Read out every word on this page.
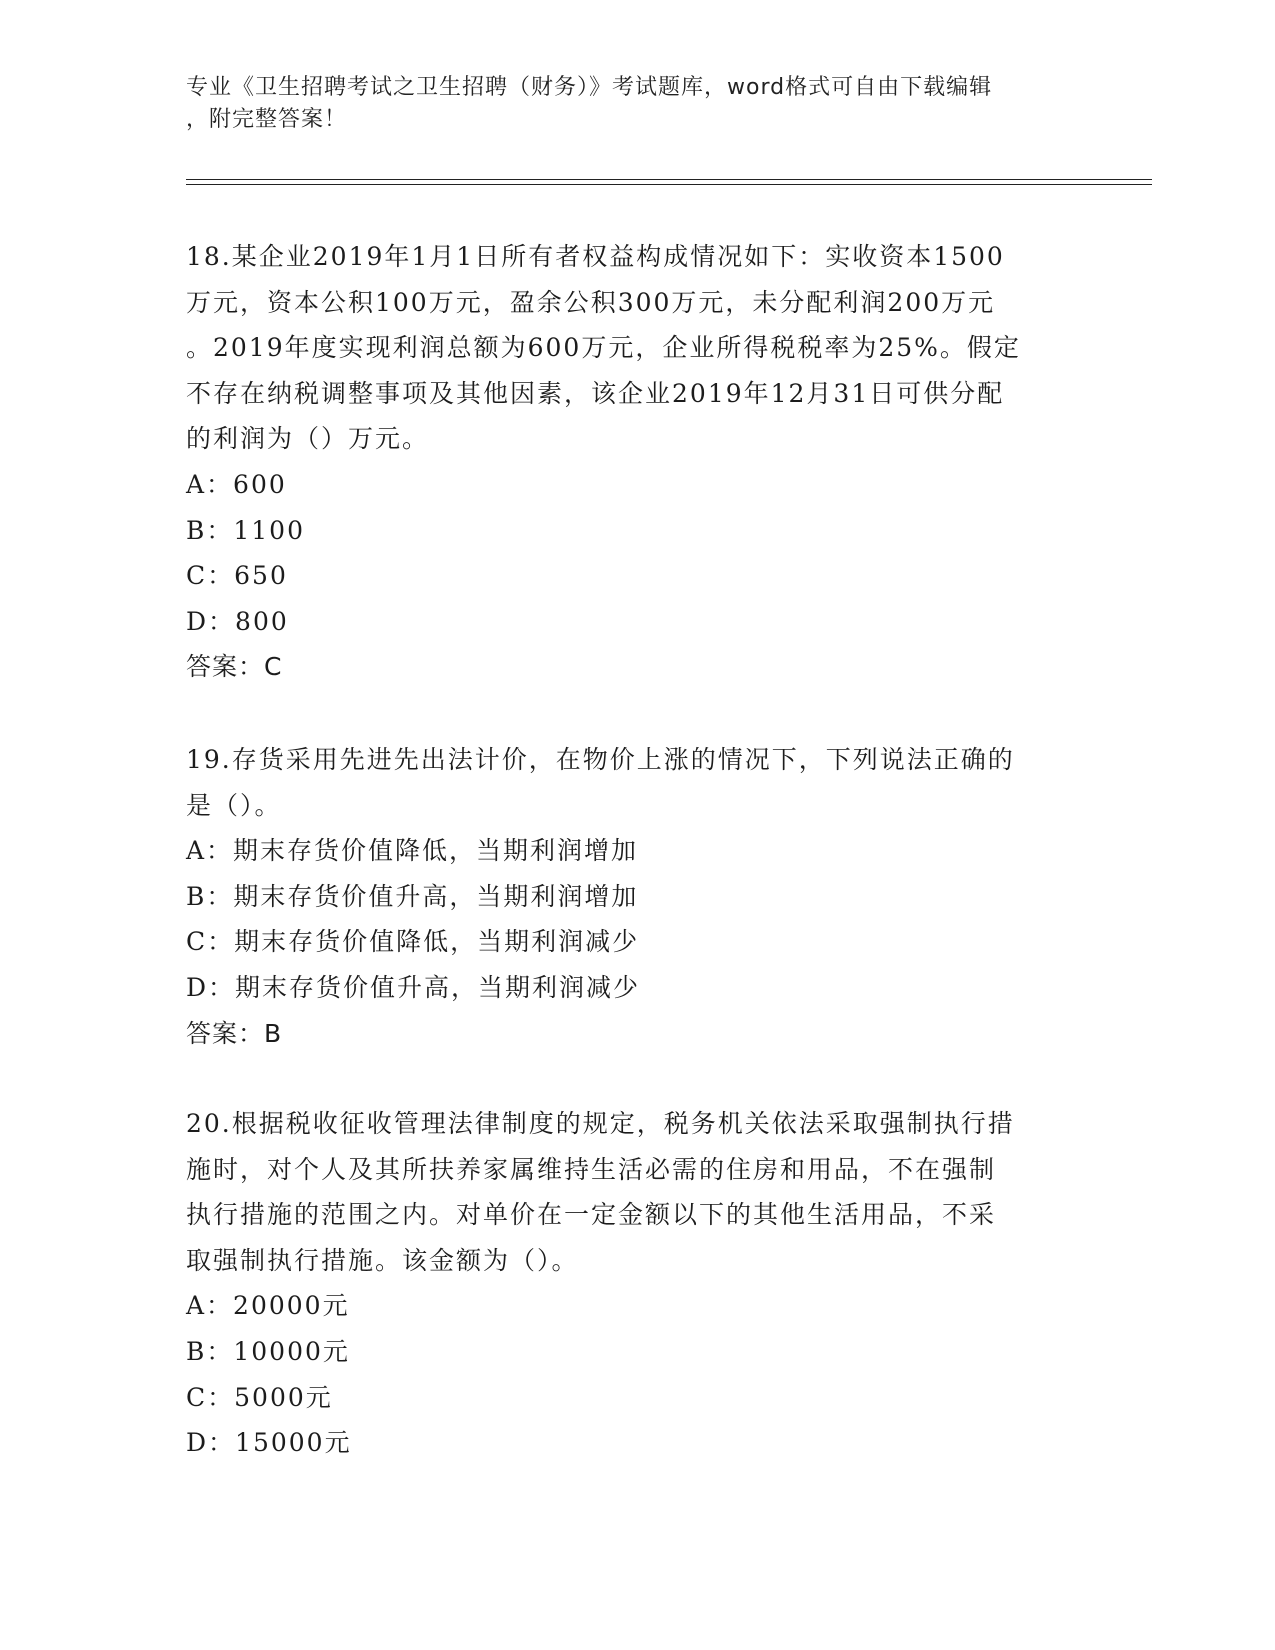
专业《卫生招聘考试之卫生招聘（财务）》考试题库，word格式可自由下载编辑
，附完整答案！
18.某企业2019年1月1日所有者权益构成情况如下：实收资本1500
万元，资本公积100万元，盈余公积300万元，未分配利润200万元
。2019年度实现利润总额为600万元，企业所得税税率为25%。假定
不存在纳税调整事项及其他因素，该企业2019年12月31日可供分配
的利润为（）万元。
A：600
B：1100
C：650
D：800
答案：C
19.存货采用先进先出法计价，在物价上涨的情况下，下列说法正确的
是（）。
A：期末存货价值降低，当期利润增加
B：期末存货价值升高，当期利润增加
C：期末存货价值降低，当期利润减少
D：期末存货价值升高，当期利润减少
答案：B
20.根据税收征收管理法律制度的规定，税务机关依法采取强制执行措
施时，对个人及其所扶养家属维持生活必需的住房和用品，不在强制
执行措施的范围之内。对单价在一定金额以下的其他生活用品，不采
取强制执行措施。该金额为（）。
A：20000元
B：10000元
C：5000元
D：15000元
